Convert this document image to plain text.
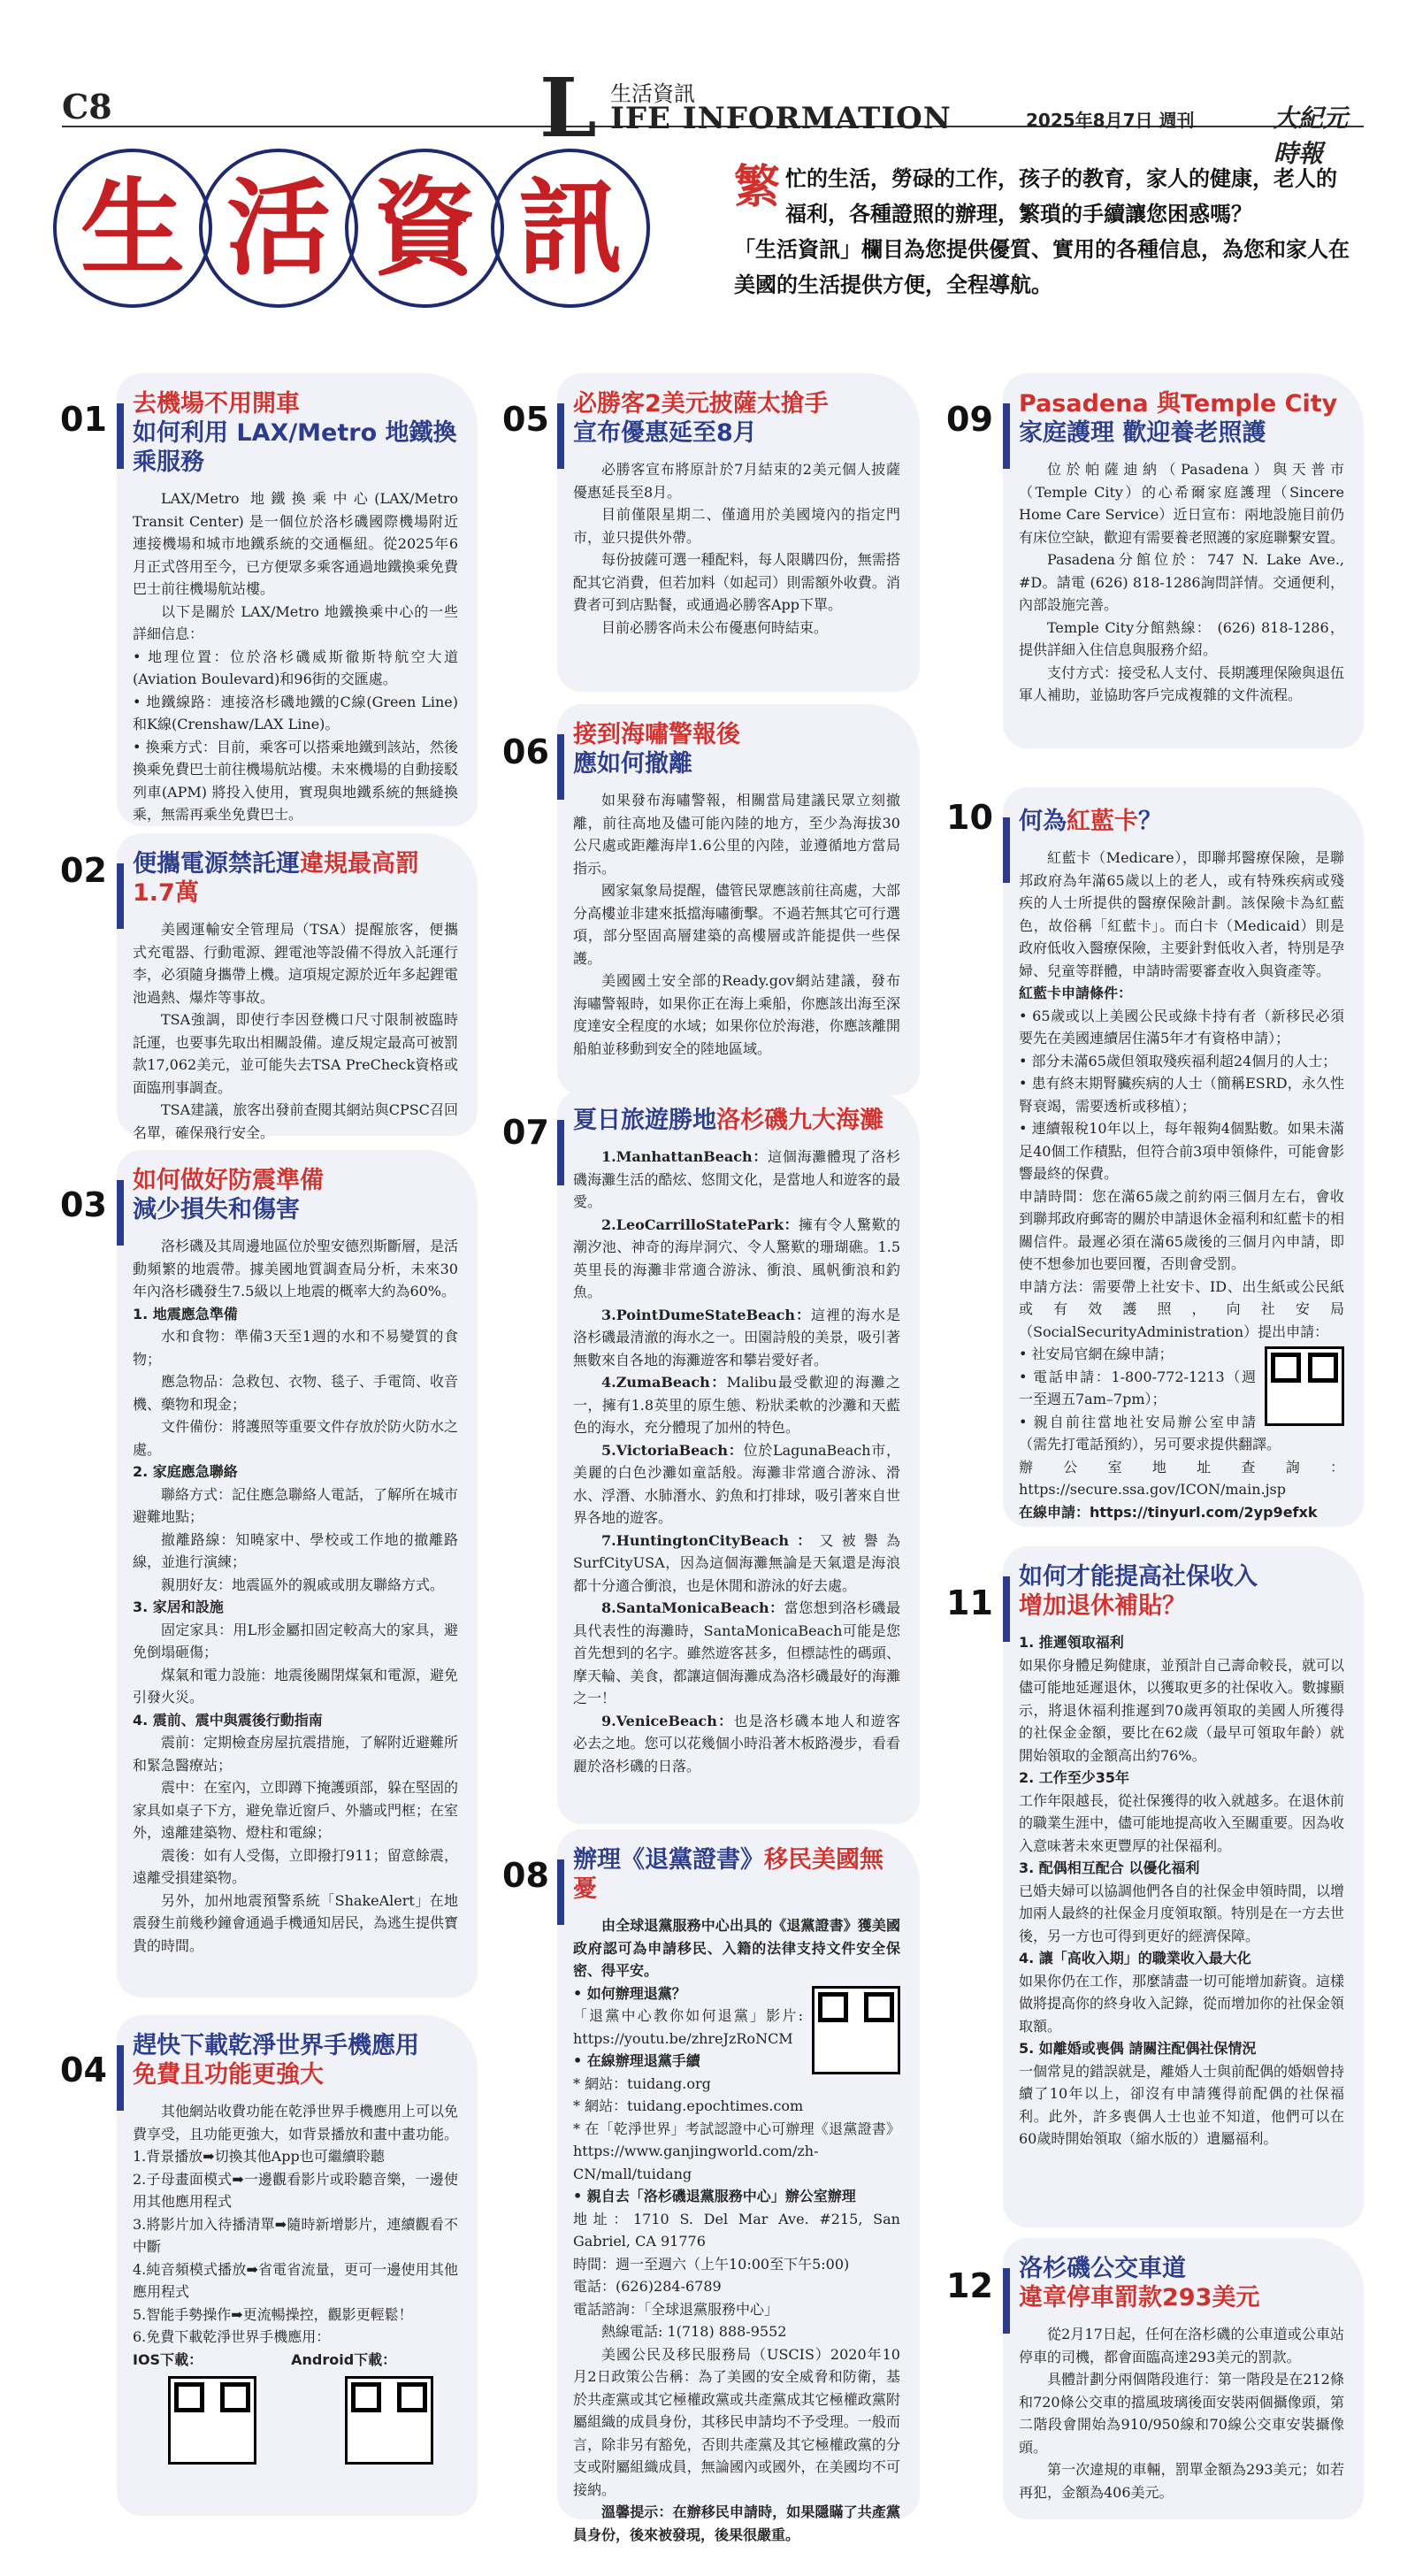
C8	L 生活資訊
IFE INFORMATION	2025年8月7日 週刊	大紀元時報
生 活 資 訊 繁忙的生活，勞碌的工作，孩子的教育，家人的健康，老人的福利，各種證照的辦理，繁瑣的手續讓您困惑嗎？
「生活資訊」欄目為您提供優質、實用的各種信息，為您和家人在美國的生活提供方便，全程導航。
01 去機場不用開車
如何利用 LAX/Metro 地鐵換乘服務

LAX/Metro 地鐵換乘中心(LAX/Metro Transit Center) 是一個位於洛杉磯國際機場附近連接機場和城市地鐵系統的交通樞紐。從2025年6月正式啓用至今，已方便眾多乘客通過地鐵換乘免費巴士前往機場航站樓。

以下是關於 LAX/Metro 地鐵換乘中心的一些詳細信息：

• 地理位置：位於洛杉磯威斯徹斯特航空大道(Aviation Boulevard)和96街的交匯處。

• 地鐵線路：連接洛杉磯地鐵的C線(Green Line)和K線(Crenshaw/LAX Line)。

• 換乘方式：目前，乘客可以搭乘地鐵到該站，然後換乘免費巴士前往機場航站樓。未來機場的自動接駁列車(APM) 將投入使用，實現與地鐵系統的無縫換乘，無需再乘坐免費巴士。

02 便攜電源禁託運違規最高罰1.7萬

美國運輸安全管理局（TSA）提醒旅客，便攜式充電器、行動電源、鋰電池等設備不得放入託運行李，必須隨身攜帶上機。這項規定源於近年多起鋰電池過熱、爆炸等事故。

TSA強調，即使行李因登機口尺寸限制被臨時託運，也要事先取出相關設備。違反規定最高可被罰款17,062美元，並可能失去TSA PreCheck資格或面臨刑事調查。

TSA建議，旅客出發前查閱其網站與CPSC召回名單，確保飛行安全。

03
如何做好防震準備
減少損失和傷害

洛杉磯及其周邊地區位於聖安德烈斯斷層，是活動頻繁的地震帶。據美國地質調查局分析，未來30年內洛杉磯發生7.5級以上地震的概率大約為60%。

1. 地震應急準備

水和食物：準備3天至1週的水和不易變質的食物；

應急物品：急救包、衣物、毯子、手電筒、收音機、藥物和現金；

文件備份：將護照等重要文件存放於防火防水之處。

2. 家庭應急聯絡

聯絡方式：記住應急聯絡人電話，了解所在城市避難地點；

撤離路線：知曉家中、學校或工作地的撤離路線，並進行演練；

親朋好友：地震區外的親戚或朋友聯絡方式。

3. 家居和設施

固定家具：用L形金屬扣固定較高大的家具，避免倒塌砸傷；

煤氣和電力設施：地震後關閉煤氣和電源，避免引發火災。

4. 震前、震中與震後行動指南

震前：定期檢查房屋抗震措施，了解附近避難所和緊急醫療站；

震中：在室內，立即蹲下掩護頭部，躲在堅固的家具如桌子下方，避免靠近窗戶、外牆或門框；在室外，遠離建築物、燈柱和電線；

震後：如有人受傷，立即撥打911；留意餘震，遠離受損建築物。

另外，加州地震預警系統「ShakeAlert」在地震發生前幾秒鐘會通過手機通知居民，為逃生提供寶貴的時間。

04
趕快下載乾淨世界手機應用
免費且功能更強大

其他網站收費功能在乾淨世界手機應用上可以免費享受，且功能更強大，如背景播放和畫中畫功能。

1.背景播放➡切換其他App也可繼續聆聽

2.子母畫面模式➡一邊觀看影片或聆聽音樂，一邊使用其他應用程式

3.將影片加入待播清單➡隨時新增影片，連續觀看不中斷

4.純音頻模式播放➡省電省流量，更可一邊使用其他應用程式

5.智能手勢操作➡更流暢操控，觀影更輕鬆！

6.免費下載乾淨世界手機應用：

IOS下載：	Android下載：

05 必勝客2美元披薩太搶手
宣布優惠延至8月

必勝客宣布將原計於7月結束的2美元個人披薩優惠延長至8月。

目前僅限星期二、僅適用於美國境內的指定門市，並只提供外帶。

每份披薩可選一種配料，每人限購四份，無需搭配其它消費，但若加料（如起司）則需額外收費。消費者可到店點餐，或通過必勝客App下單。

目前必勝客尚未公布優惠何時結束。

06 接到海嘯警報後
應如何撤離

如果發布海嘯警報，相關當局建議民眾立刻撤離，前往高地及儘可能內陸的地方，至少為海拔30公尺處或距離海岸1.6公里的內陸，並遵循地方當局指示。

國家氣象局提醒，儘管民眾應該前往高處，大部分高樓並非建來抵擋海嘯衝擊。不過若無其它可行選項，部分堅固高層建築的高樓層或許能提供一些保護。

美國國土安全部的Ready.gov網站建議，發布海嘯警報時，如果你正在海上乘船，你應該出海至深度達安全程度的水域；如果你位於海港，你應該離開船舶並移動到安全的陸地區域。

07 夏日旅遊勝地洛杉磯九大海灘

1.ManhattanBeach：這個海灘體現了洛杉磯海灘生活的酷炫、悠閒文化，是當地人和遊客的最愛。

2.LeoCarrilloStatePark：擁有令人驚歎的潮汐池、神奇的海岸洞穴、令人驚歎的珊瑚礁。1.5英里長的海灘非常適合游泳、衝浪、風帆衝浪和釣魚。

3.PointDumeStateBeach：這裡的海水是洛杉磯最清澈的海水之一。田園詩般的美景，吸引著無數來自各地的海灘遊客和攀岩愛好者。

4.ZumaBeach：Malibu最受歡迎的海灘之一，擁有1.8英里的原生態、粉狀柔軟的沙灘和天藍色的海水，充分體現了加州的特色。

5.VictoriaBeach：位於LagunaBeach市，美麗的白色沙灘如童話般。海灘非常適合游泳、滑水、浮潛、水肺潛水、釣魚和打排球，吸引著來自世界各地的遊客。

7.HuntingtonCityBeach：又被譽為SurfCityUSA，因為這個海灘無論是天氣還是海浪都十分適合衝浪，也是休閒和游泳的好去處。

8.SantaMonicaBeach：當您想到洛杉磯最具代表性的海灘時，SantaMonicaBeach可能是您首先想到的名字。雖然遊客甚多，但標誌性的碼頭、摩天輪、美食，都讓這個海灘成為洛杉磯最好的海灘之一！

9.VeniceBeach：也是洛杉磯本地人和遊客必去之地。您可以花幾個小時沿著木板路漫步，看看麗於洛杉磯的日落。

08 辦理《退黨證書》移民美國無憂

由全球退黨服務中心出具的《退黨證書》獲美國政府認可為申請移民、入籍的法律支持文件安全保密、得平安。

• 如何辦理退黨？

「退黨中心教你如何退黨」影片: https://youtu.be/zhreJzRoNCM

• 在線辦理退黨手續

* 網站：tuidang.org

* 網站：tuidang.epochtimes.com

* 在「乾淨世界」考試認證中心可辦理《退黨證書》https://www.ganjingworld.com/zh-CN/mall/tuidang

• 親自去「洛杉磯退黨服務中心」辦公室辦理

地址：1710 S. Del Mar Ave. #215, San Gabriel, CA 91776

時間：週一至週六（上午10:00至下午5:00)

電話：(626)284-6789

電話諮詢：「全球退黨服務中心」

熱線電話: 1(718) 888-9552

美國公民及移民服務局（USCIS）2020年10月2日政策公告稱：為了美國的安全威脅和防衛，基於共產黨或其它極權政黨或共產黨成其它極權政黨附屬組織的成員身份，其移民申請均不予受理。一般而言，除非另有豁免，否則共產黨及其它極權政黨的分支或附屬組織成員，無論國內或國外，在美國均不可接納。

溫馨提示：在辦移民申請時，如果隱瞞了共產黨員身份，後來被發現，後果很嚴重。

09 Pasadena 與Temple City
家庭護理 歡迎養老照護

位於帕薩迪納（Pasadena）與天普市（Temple City）的心希爾家庭護理（Sincere Home Care Service）近日宣布：兩地設施目前仍有床位空缺，歡迎有需要養老照護的家庭聯繫安置。

Pasadena分館位於：747 N. Lake Ave., #D。請電 (626) 818-1286詢問詳情。交通便利，內部設施完善。

Temple City分館熱線： (626) 818-1286，提供詳細入住信息與服務介紹。

支付方式：接受私人支付、長期護理保險與退伍軍人補助，並協助客戶完成複雜的文件流程。

10 何為紅藍卡？

紅藍卡（Medicare），即聯邦醫療保險，是聯邦政府為年滿65歲以上的老人，或有特殊疾病或殘疾的人士所提供的醫療保險計劃。該保險卡為紅藍色，故俗稱「紅藍卡」。而白卡（Medicaid）則是政府低收入醫療保險，主要針對低收入者，特別是孕婦、兒童等群體，申請時需要審查收入與資產等。

紅藍卡申請條件：

• 65歲或以上美國公民或綠卡持有者（新移民必須要先在美國連續居住滿5年才有資格申請）；

• 部分未滿65歲但領取殘疾福利超24個月的人士；

• 患有終末期腎臟疾病的人士（簡稱ESRD，永久性腎衰竭，需要透析或移植）；

• 連續報稅10年以上，每年報夠4個點數。如果未滿足40個工作積點，但符合前3項申領條件，可能會影響最終的保費。

申請時間：您在滿65歲之前約兩三個月左右，會收到聯邦政府郵寄的關於申請退休金福利和紅藍卡的相關信件。最遲必須在滿65歲後的三個月內申請，即使不想參加也要回覆，否則會受罰。

申請方法：需要帶上社安卡、ID、出生紙或公民紙或有效護照，向社安局（SocialSecurityAdministration）提出申請：

• 社安局官網在線申請；

• 電話申請：1-800-772-1213（週一至週五7am–7pm）；

• 親自前往當地社安局辦公室申請（需先打電話預約），另可要求提供翻譯。

辦公室地址查詢：https://secure.ssa.gov/ICON/main.jsp

在線申請：https://tinyurl.com/2yp9efxk

11
如何才能提高社保收入
增加退休補貼？

1. 推遲領取福利

如果你身體足夠健康，並預計自己壽命較長，就可以儘可能地延遲退休，以獲取更多的社保收入。數據顯示，將退休福利推遲到70歲再領取的美國人所獲得的社保金金額，要比在62歲（最早可領取年齡）就開始領取的金額高出約76%。

2. 工作至少35年

工作年限越長，從社保獲得的收入就越多。在退休前的職業生涯中，儘可能地提高收入至關重要。因為收入意味著未來更豐厚的社保福利。

3. 配偶相互配合 以優化福利

已婚夫婦可以協調他們各自的社保金申領時間，以增加兩人最終的社保金月度領取額。特別是在一方去世後，另一方也可得到更好的經濟保障。

4. 讓「高收入期」的職業收入最大化

如果你仍在工作，那麼請盡一切可能增加薪資。這樣做將提高你的終身收入記錄，從而增加你的社保金領取額。

5. 如離婚或喪偶 請關注配偶社保情況

一個常見的錯誤就是，離婚人士與前配偶的婚姻曾持續了10年以上，卻沒有申請獲得前配偶的社保福利。此外，許多喪偶人士也並不知道，他們可以在60歲時開始領取（縮水版的）遺屬福利。

12 洛杉磯公交車道
違章停車罰款293美元

從2月17日起，任何在洛杉磯的公車道或公車站停車的司機，都會面臨高達293美元的罰款。

具體計劃分兩個階段進行：第一階段是在212條和720條公交車的擋風玻璃後面安裝兩個攝像頭，第二階段會開始為910/950線和70線公交車安裝攝像頭。

第一次違規的車輛，罰單金額為293美元；如若再犯，金額為406美元。
